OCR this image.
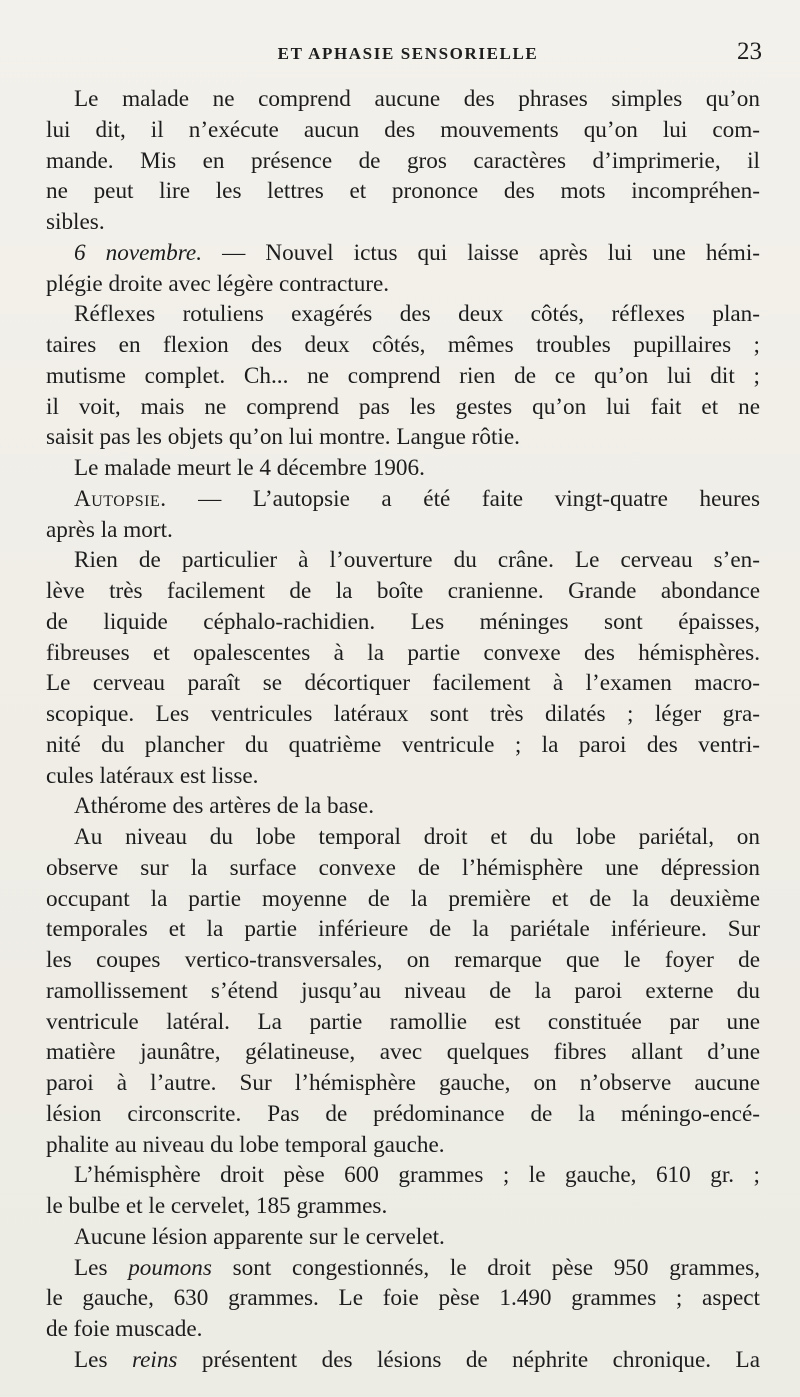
ET APHASIE SENSORIELLE	23
Le malade ne comprend aucune des phrases simples qu’on
lui dit, il n’exécute aucun des mouvements qu’on lui com-
mande. Mis en présence de gros caractères d’imprimerie, il
ne peut lire les lettres et prononce des mots incompréhen-
sibles.
6 novembre. — Nouvel ictus qui laisse après lui une hémi-
plégie droite avec légère contracture.
Réflexes rotuliens exagérés des deux côtés, réflexes plan-
taires en flexion des deux côtés, mêmes troubles pupillaires ;
mutisme complet. Ch... ne comprend rien de ce qu’on lui dit ;
il voit, mais ne comprend pas les gestes qu’on lui fait et ne
saisit pas les objets qu’on lui montre. Langue rôtie.
Le malade meurt le 4 décembre 1906.
Autopsie. — L’autopsie a été faite vingt-quatre heures
après la mort.
Rien de particulier à l’ouverture du crâne. Le cerveau s’en-
lève très facilement de la boîte cranienne. Grande abondance
de liquide céphalo-rachidien. Les méninges sont épaisses,
fibreuses et opalescentes à la partie convexe des hémisphères.
Le cerveau paraît se décortiquer facilement à l’examen macro-
scopique. Les ventricules latéraux sont très dilatés ; léger gra-
nité du plancher du quatrième ventricule ; la paroi des ventri-
cules latéraux est lisse.
Athérome des artères de la base.
Au niveau du lobe temporal droit et du lobe pariétal, on
observe sur la surface convexe de l’hémisphère une dépression
occupant la partie moyenne de la première et de la deuxième
temporales et la partie inférieure de la pariétale inférieure. Sur
les coupes vertico-transversales, on remarque que le foyer de
ramollissement s’étend jusqu’au niveau de la paroi externe du
ventricule latéral. La partie ramollie est constituée par une
matière jaunâtre, gélatineuse, avec quelques fibres allant d’une
paroi à l’autre. Sur l’hémisphère gauche, on n’observe aucune
lésion circonscrite. Pas de prédominance de la méningo-encé-
phalite au niveau du lobe temporal gauche.
L’hémisphère droit pèse 600 grammes ; le gauche, 610 gr. ;
le bulbe et le cervelet, 185 grammes.
Aucune lésion apparente sur le cervelet.
Les poumons sont congestionnés, le droit pèse 950 grammes,
le gauche, 630 grammes. Le foie pèse 1.490 grammes ; aspect
de foie muscade.
Les reins présentent des lésions de néphrite chronique. La
